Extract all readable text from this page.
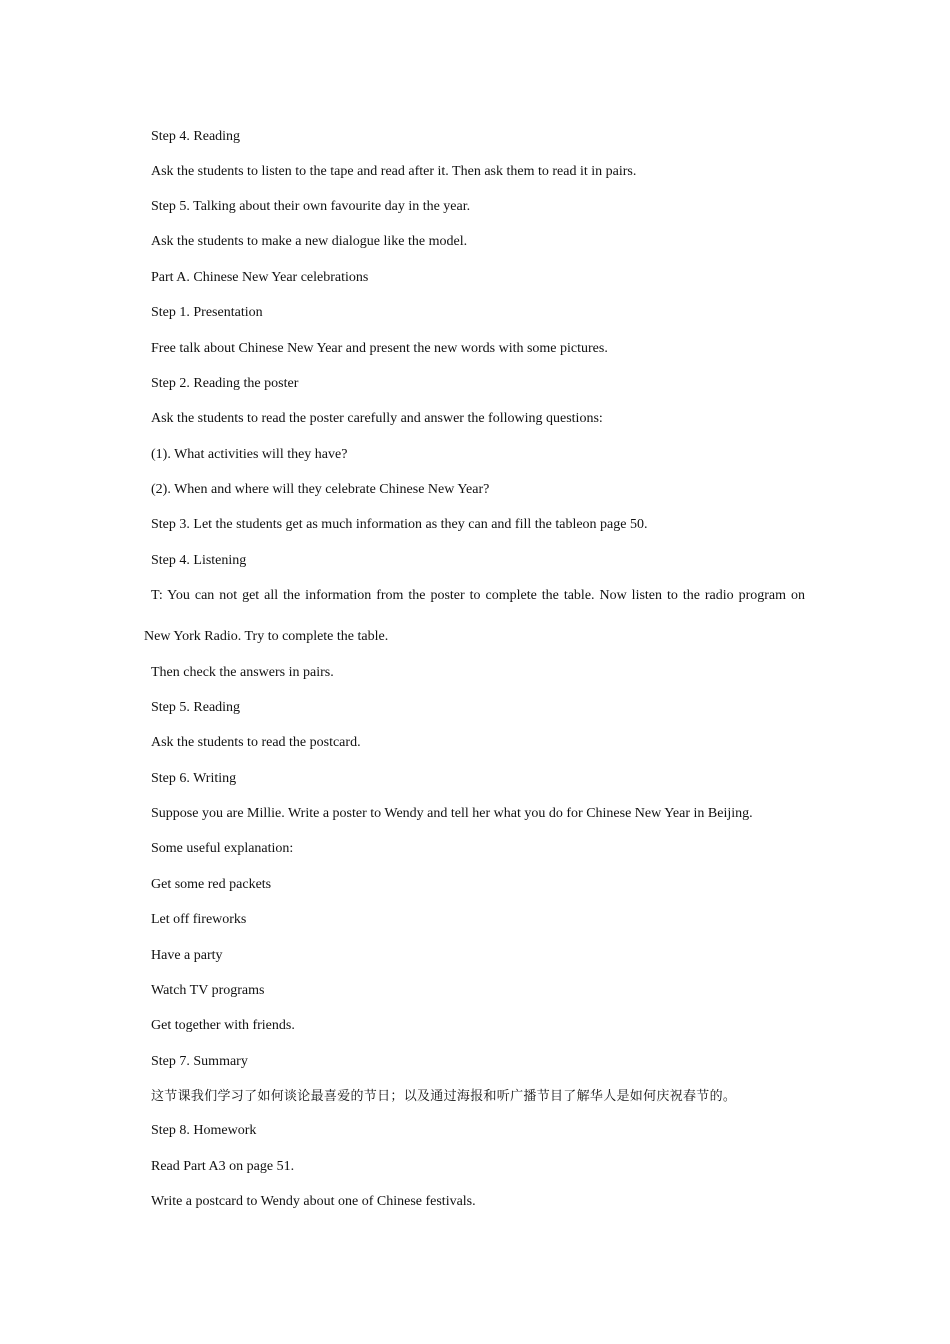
Step 4. Reading

Ask the students to listen to the tape and read after it. Then ask them to read it in pairs.

Step 5. Talking about their own favourite day in the year.

Ask the students to make a new dialogue like the model.

Part A. Chinese New Year celebrations

Step 1. Presentation

Free talk about Chinese New Year and present the new words with some pictures.

Step 2. Reading the poster

Ask the students to read the poster carefully and answer the following questions:

(1). What activities will they have?

(2). When and where will they celebrate Chinese New Year?

Step 3. Let the students get as much information as they can and fill the tableon page 50.

Step 4. Listening

T: You can not get all the information from the poster to complete the table. Now listen to the radio program on

New York Radio. Try to complete the table.

Then check the answers in pairs.

Step 5. Reading

Ask the students to read the postcard.

Step 6. Writing

Suppose you are Millie. Write a poster to Wendy and tell her what you do for Chinese New Year in Beijing.

Some useful explanation:

Get some red packets

Let off fireworks

Have a party

Watch TV programs

Get together with friends.

Step 7. Summary

这节课我们学习了如何谈论最喜爱的节日；以及通过海报和听广播节目了解华人是如何庆祝春节的。

Step 8. Homework

Read Part A3 on page 51.

Write a postcard to Wendy about one of Chinese festivals.
